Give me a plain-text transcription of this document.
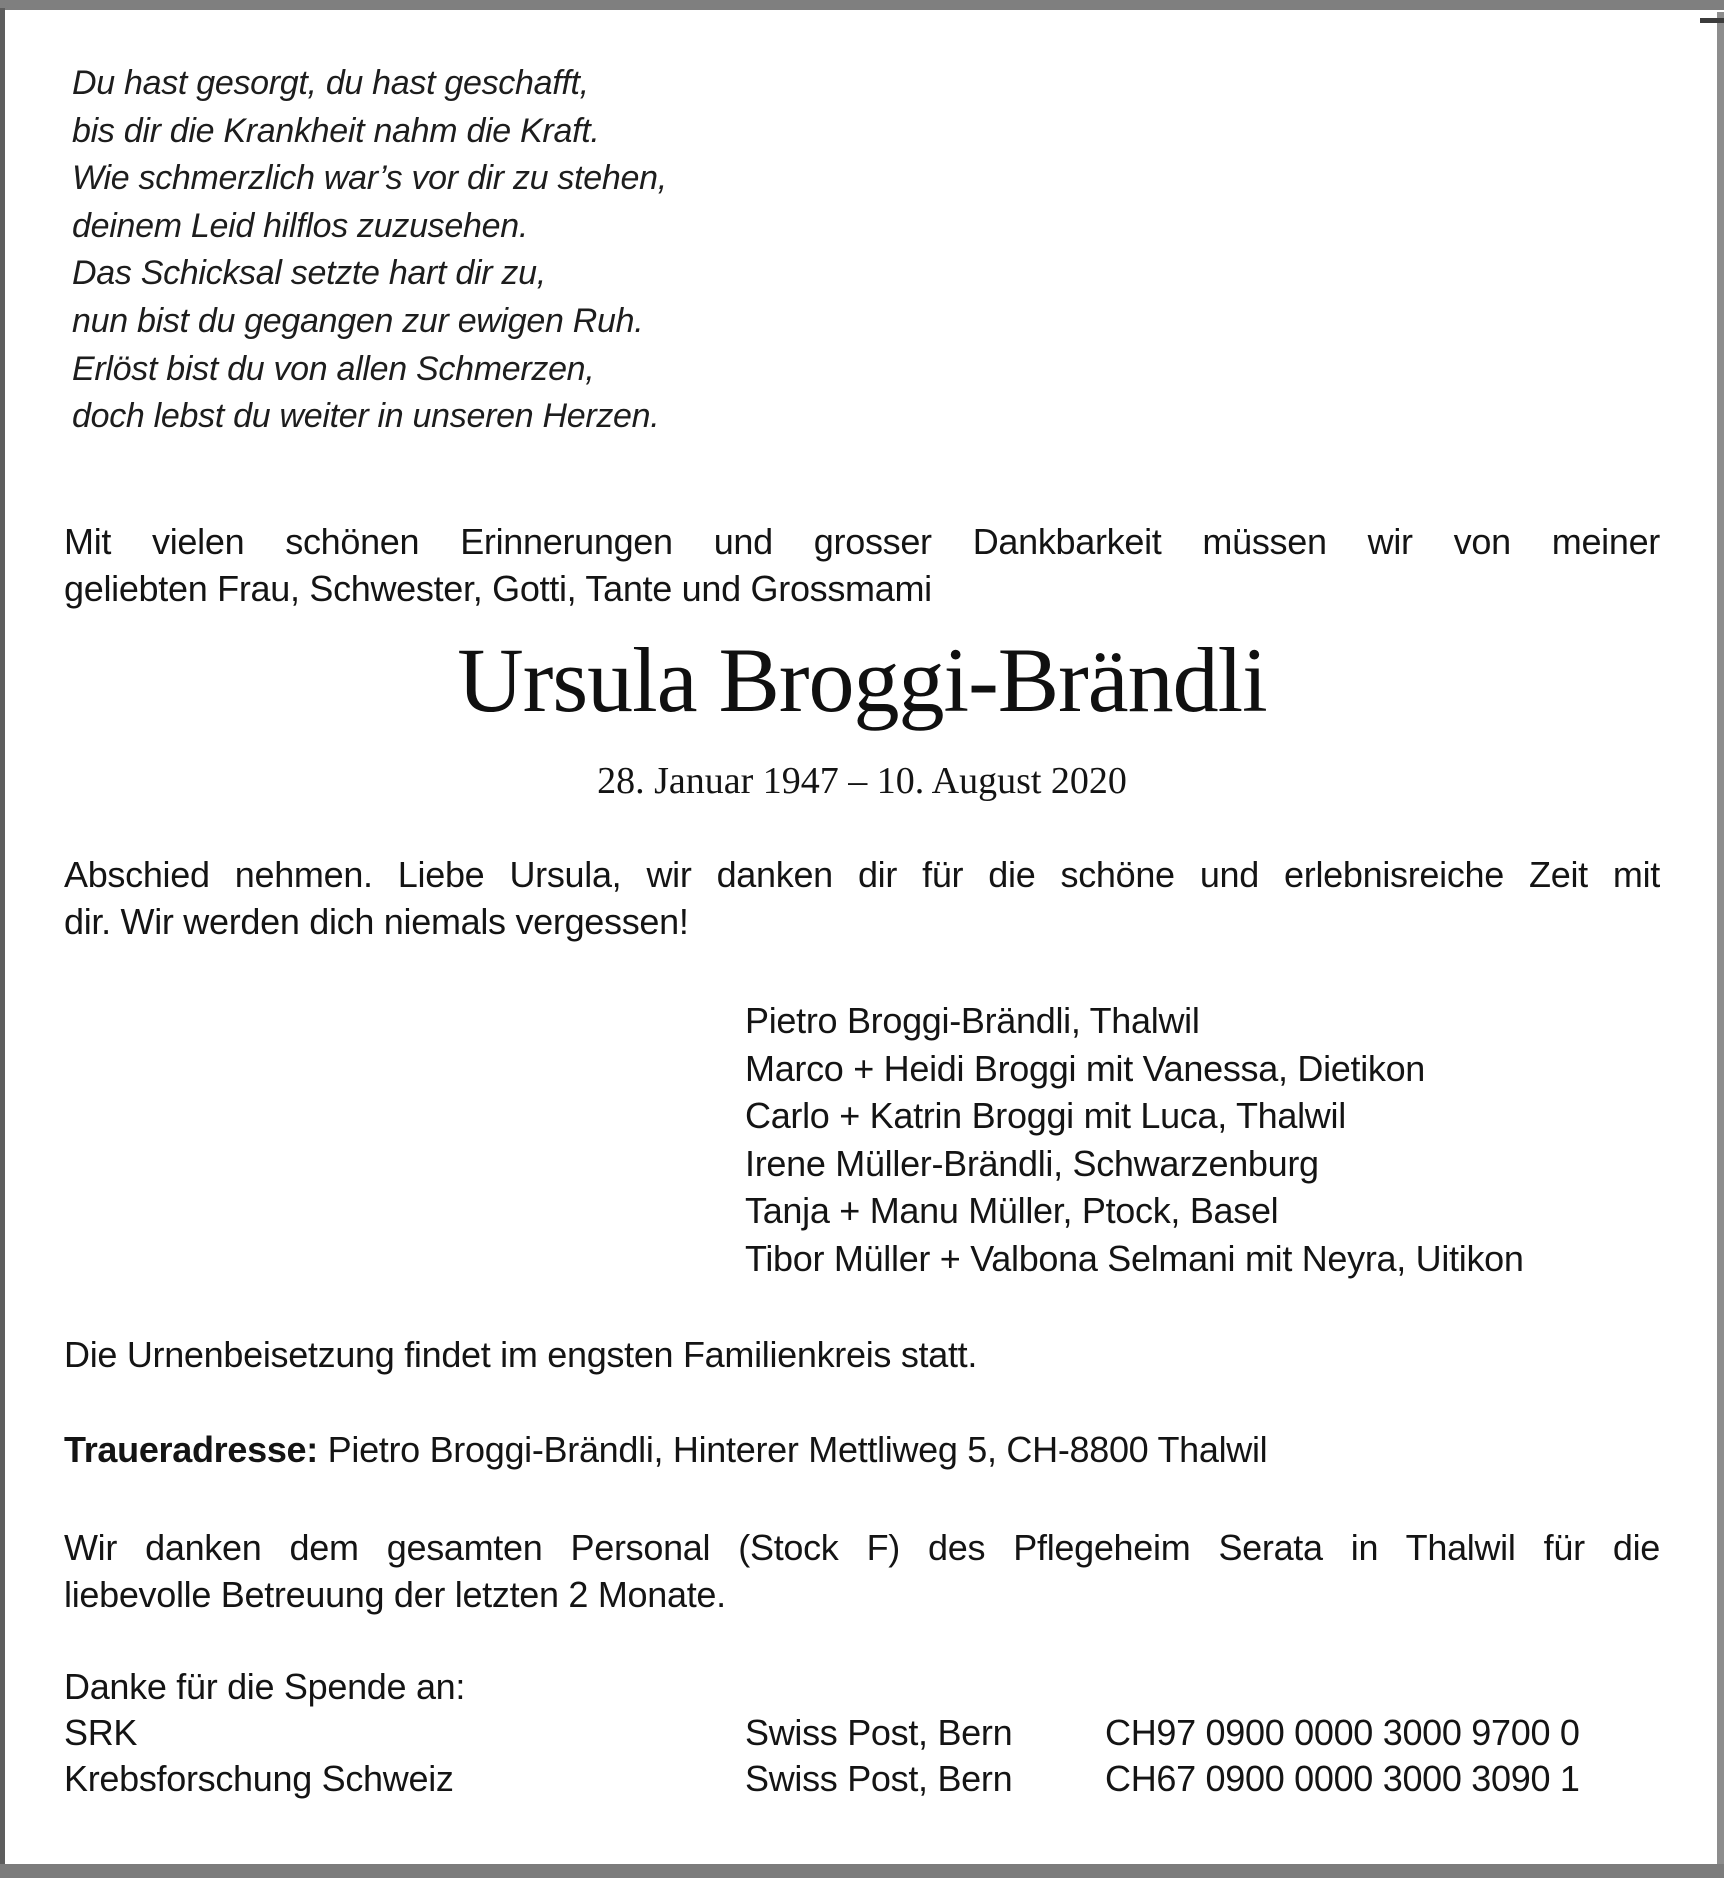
Du hast gesorgt, du hast geschafft,
bis dir die Krankheit nahm die Kraft.
Wie schmerzlich war’s vor dir zu stehen,
deinem Leid hilflos zuzusehen.
Das Schicksal setzte hart dir zu,
nun bist du gegangen zur ewigen Ruh.
Erlöst bist du von allen Schmerzen,
doch lebst du weiter in unseren Herzen.
Mit vielen schönen Erinnerungen und grosser Dankbarkeit müssen wir von meiner
geliebten Frau, Schwester, Gotti, Tante und Grossmami
Ursula Broggi-Brändli
28. Januar 1947 – 10. August 2020
Abschied nehmen. Liebe Ursula, wir danken dir für die schöne und erlebnisreiche Zeit mit
dir. Wir werden dich niemals vergessen!
Pietro Broggi-Brändli, Thalwil
Marco + Heidi Broggi mit Vanessa, Dietikon
Carlo + Katrin Broggi mit Luca, Thalwil
Irene Müller-Brändli, Schwarzenburg
Tanja + Manu Müller, Ptock, Basel
Tibor Müller + Valbona Selmani mit Neyra, Uitikon
Die Urnenbeisetzung findet im engsten Familienkreis statt.
Traueradresse: Pietro Broggi-Brändli, Hinterer Mettliweg 5, CH-8800 Thalwil
Wir danken dem gesamten Personal (Stock F) des Pflegeheim Serata in Thalwil für die
liebevolle Betreuung der letzten 2 Monate.
Danke für die Spende an:
SRK	Swiss Post, Bern	CH97 0900 0000 3000 9700 0
Krebsforschung Schweiz	Swiss Post, Bern	CH67 0900 0000 3000 3090 1
